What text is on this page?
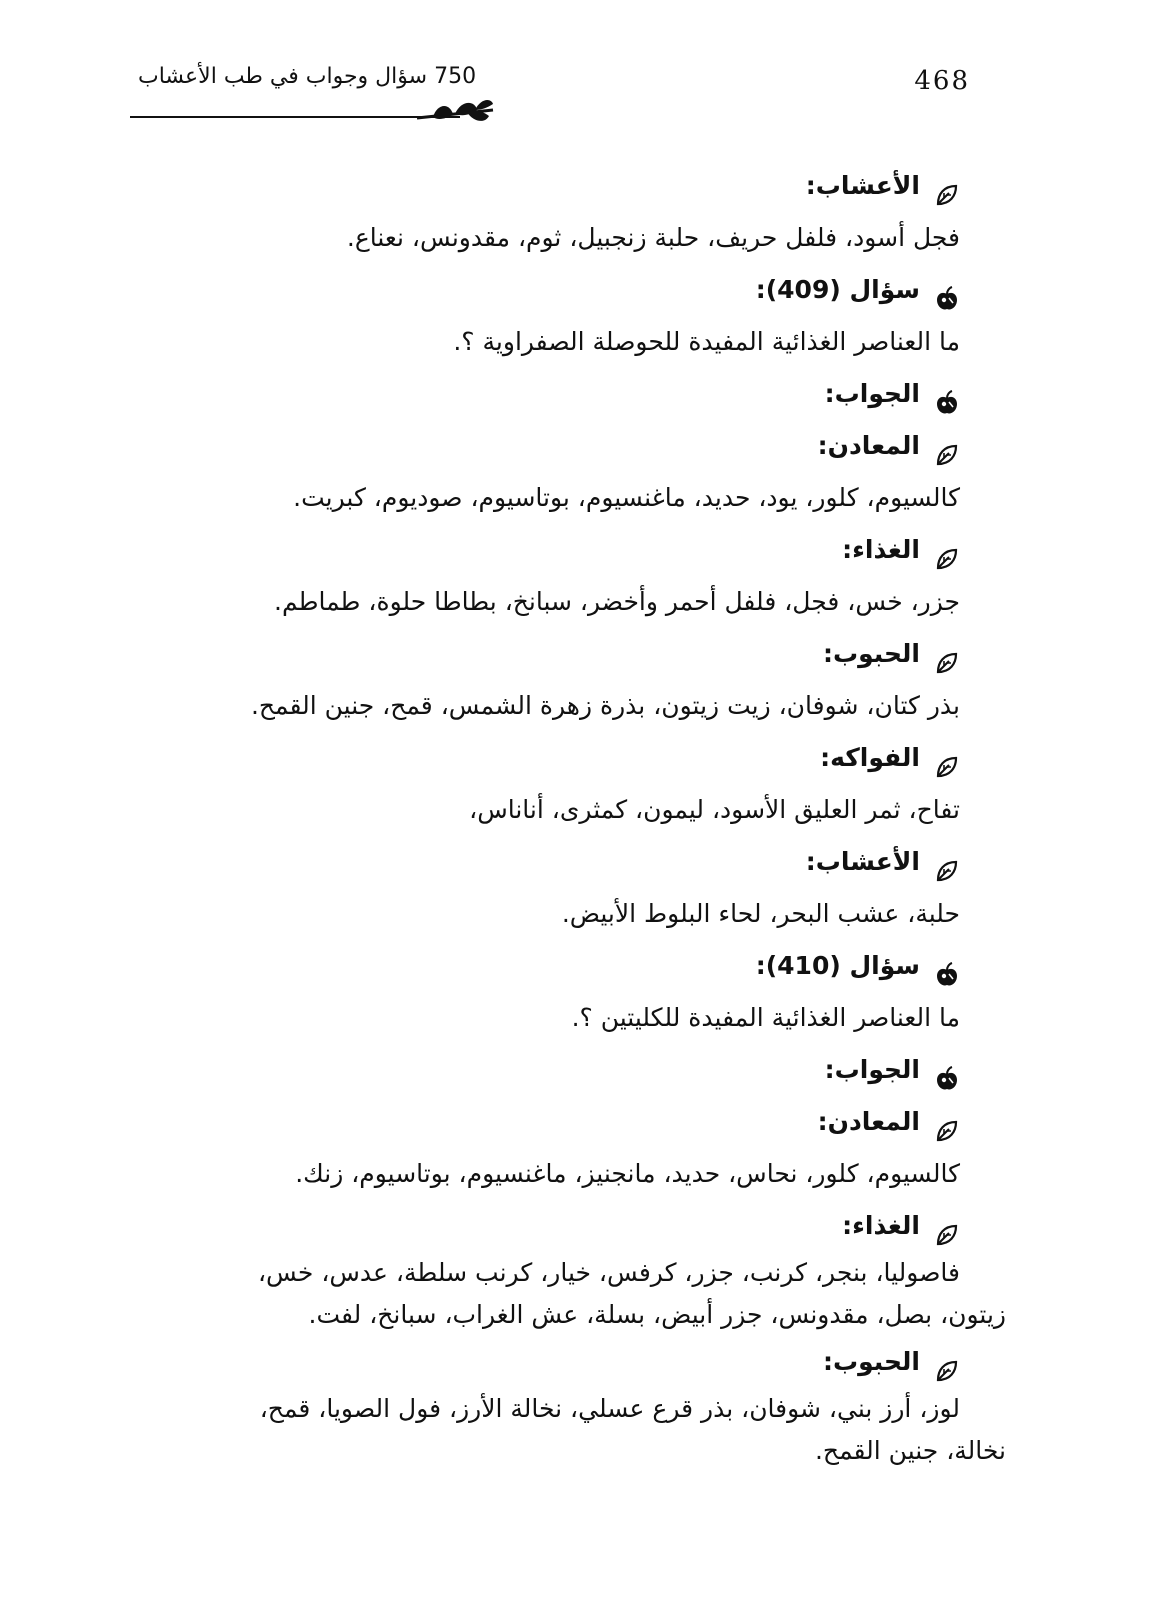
468
750 سؤال وجواب في طب الأعشاب
الأعشاب:
فجل أسود، فلفل حريف، حلبة زنجبيل، ثوم، مقدونس، نعناع.
سؤال (409):
ما العناصر الغذائية المفيدة للحوصلة الصفراوية ؟.
الجواب:
المعادن:
كالسيوم، كلور، يود، حديد، ماغنسيوم، بوتاسيوم، صوديوم، كبريت.
الغذاء:
جزر، خس، فجل، فلفل أحمر وأخضر، سبانخ، بطاطا حلوة، طماطم.
الحبوب:
بذر كتان، شوفان، زيت زيتون، بذرة زهرة الشمس، قمح، جنين القمح.
الفواكه:
تفاح، ثمر العليق الأسود، ليمون، كمثرى، أناناس،
الأعشاب:
حلبة، عشب البحر، لحاء البلوط الأبيض.
سؤال (410):
ما العناصر الغذائية المفيدة للكليتين ؟.
الجواب:
المعادن:
كالسيوم، كلور، نحاس، حديد، مانجنيز، ماغنسيوم، بوتاسيوم، زنك.
الغذاء:
فاصوليا، بنجر، كرنب، جزر، كرفس، خيار، كرنب سلطة، عدس، خس،
زيتون، بصل، مقدونس، جزر أبيض، بسلة، عش الغراب، سبانخ، لفت.
الحبوب:
لوز، أرز بني، شوفان، بذر قرع عسلي، نخالة الأرز، فول الصويا، قمح،
نخالة، جنين القمح.
